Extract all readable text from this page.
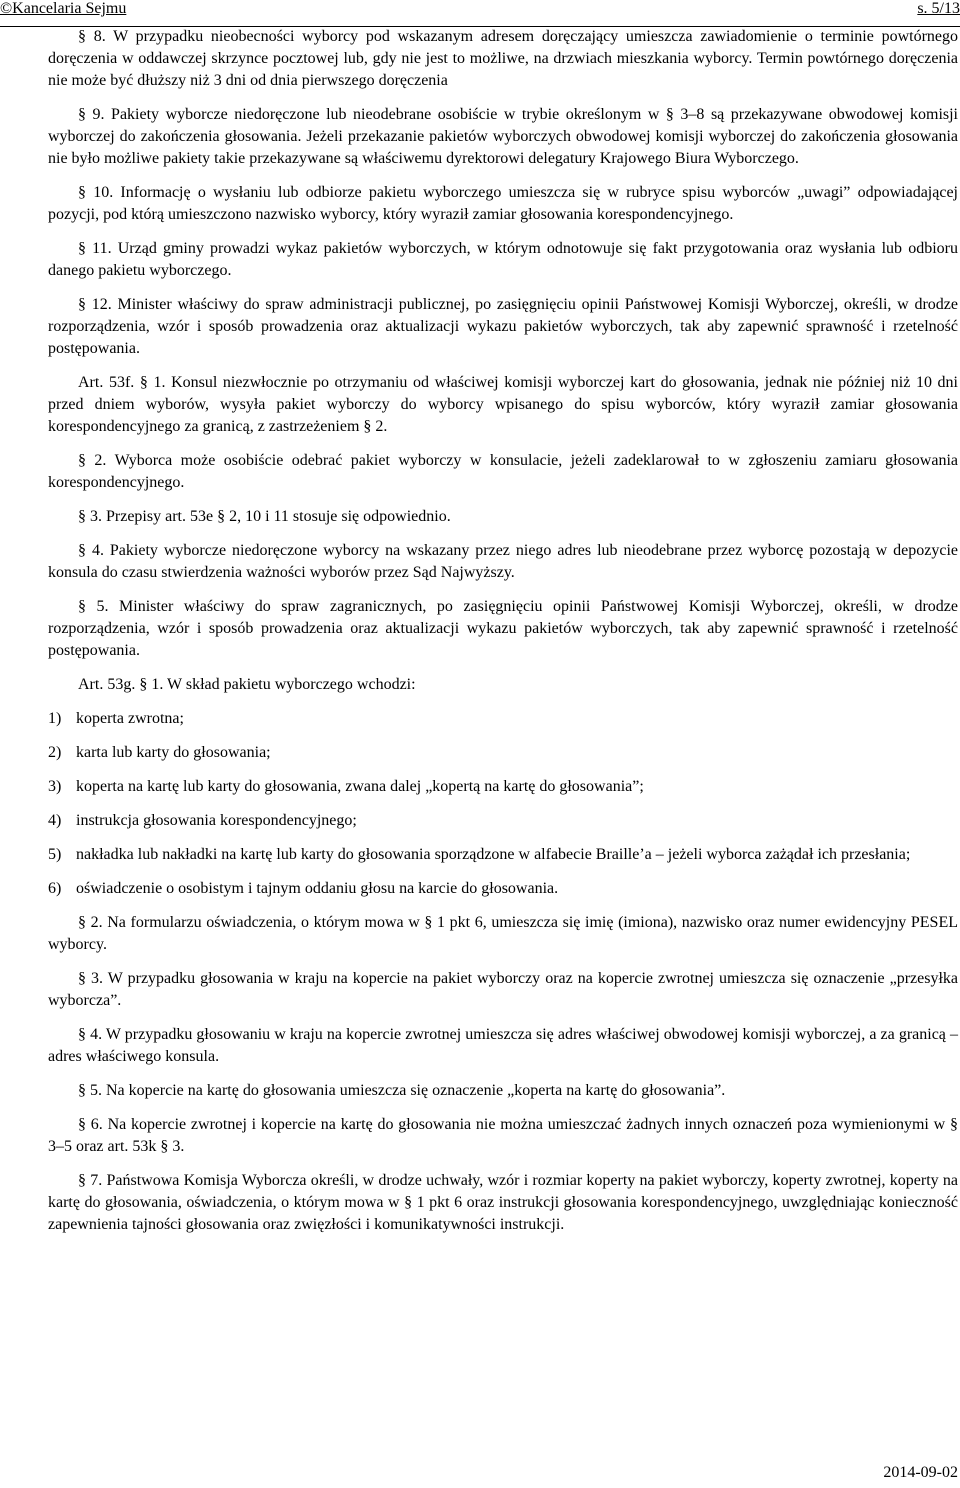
©Kancelaria Sejmu	s. 5/13

§ 8. W przypadku nieobecności wyborcy pod wskazanym adresem doręczający umieszcza zawiadomienie o terminie powtórnego doręczenia w oddawczej skrzynce pocztowej lub, gdy nie jest to możliwe, na drzwiach mieszkania wyborcy. Termin powtórnego doręczenia nie może być dłuższy niż 3 dni od dnia pierwszego doręczenia

§ 9. Pakiety wyborcze niedoręczone lub nieodebrane osobiście w trybie określonym w § 3–8 są przekazywane obwodowej komisji wyborczej do zakończenia głosowania. Jeżeli przekazanie pakietów wyborczych obwodowej komisji wyborczej do zakończenia głosowania nie było możliwe pakiety takie przekazywane są właściwemu dyrektorowi delegatury Krajowego Biura Wyborczego.

§ 10. Informację o wysłaniu lub odbiorze pakietu wyborczego umieszcza się w rubryce spisu wyborców „uwagi” odpowiadającej pozycji, pod którą umieszczono nazwisko wyborcy, który wyraził zamiar głosowania korespondencyjnego.

§ 11. Urząd gminy prowadzi wykaz pakietów wyborczych, w którym odnotowuje się fakt przygotowania oraz wysłania lub odbioru danego pakietu wyborczego.

§ 12. Minister właściwy do spraw administracji publicznej, po zasięgnięciu opinii Państwowej Komisji Wyborczej, określi, w drodze rozporządzenia, wzór i sposób prowadzenia oraz aktualizacji wykazu pakietów wyborczych, tak aby zapewnić sprawność i rzetelność postępowania.

Art. 53f. § 1. Konsul niezwłocznie po otrzymaniu od właściwej komisji wyborczej kart do głosowania, jednak nie później niż 10 dni przed dniem wyborów, wysyła pakiet wyborczy do wyborcy wpisanego do spisu wyborców, który wyraził zamiar głosowania korespondencyjnego za granicą, z zastrzeżeniem § 2.

§ 2. Wyborca może osobiście odebrać pakiet wyborczy w konsulacie, jeżeli zadeklarował to w zgłoszeniu zamiaru głosowania korespondencyjnego.

§ 3. Przepisy art. 53e § 2, 10 i 11 stosuje się odpowiednio.

§ 4. Pakiety wyborcze niedoręczone wyborcy na wskazany przez niego adres lub nieodebrane przez wyborcę pozostają w depozycie konsula do czasu stwierdzenia ważności wyborów przez Sąd Najwyższy.

§ 5. Minister właściwy do spraw zagranicznych, po zasięgnięciu opinii Państwowej Komisji Wyborczej, określi, w drodze rozporządzenia, wzór i sposób prowadzenia oraz aktualizacji wykazu pakietów wyborczych, tak aby zapewnić sprawność i rzetelność postępowania.

Art. 53g. § 1. W skład pakietu wyborczego wchodzi:

1) koperta zwrotna;

2) karta lub karty do głosowania;

3) koperta na kartę lub karty do głosowania, zwana dalej „kopertą na kartę do głosowania”;

4) instrukcja głosowania korespondencyjnego;

5) nakładka lub nakładki na kartę lub karty do głosowania sporządzone w alfabecie Braille’a – jeżeli wyborca zażądał ich przesłania;

6) oświadczenie o osobistym i tajnym oddaniu głosu na karcie do głosowania.

§ 2. Na formularzu oświadczenia, o którym mowa w § 1 pkt 6, umieszcza się imię (imiona), nazwisko oraz numer ewidencyjny PESEL wyborcy.

§ 3. W przypadku głosowania w kraju na kopercie na pakiet wyborczy oraz na kopercie zwrotnej umieszcza się oznaczenie „przesyłka wyborcza”.

§ 4. W przypadku głosowaniu w kraju na kopercie zwrotnej umieszcza się adres właściwej obwodowej komisji wyborczej, a za granicą – adres właściwego konsula.

§ 5. Na kopercie na kartę do głosowania umieszcza się oznaczenie „koperta na kartę do głosowania”.

§ 6. Na kopercie zwrotnej i kopercie na kartę do głosowania nie można umieszczać żadnych innych oznaczeń poza wymienionymi w § 3–5 oraz art. 53k § 3.

§ 7. Państwowa Komisja Wyborcza określi, w drodze uchwały, wzór i rozmiar koperty na pakiet wyborczy, koperty zwrotnej, koperty na kartę do głosowania, oświadczenia, o którym mowa w § 1 pkt 6 oraz instrukcji głosowania korespondencyjnego, uwzględniając konieczność zapewnienia tajności głosowania oraz zwięzłości i komunikatywności instrukcji.

2014-09-02
